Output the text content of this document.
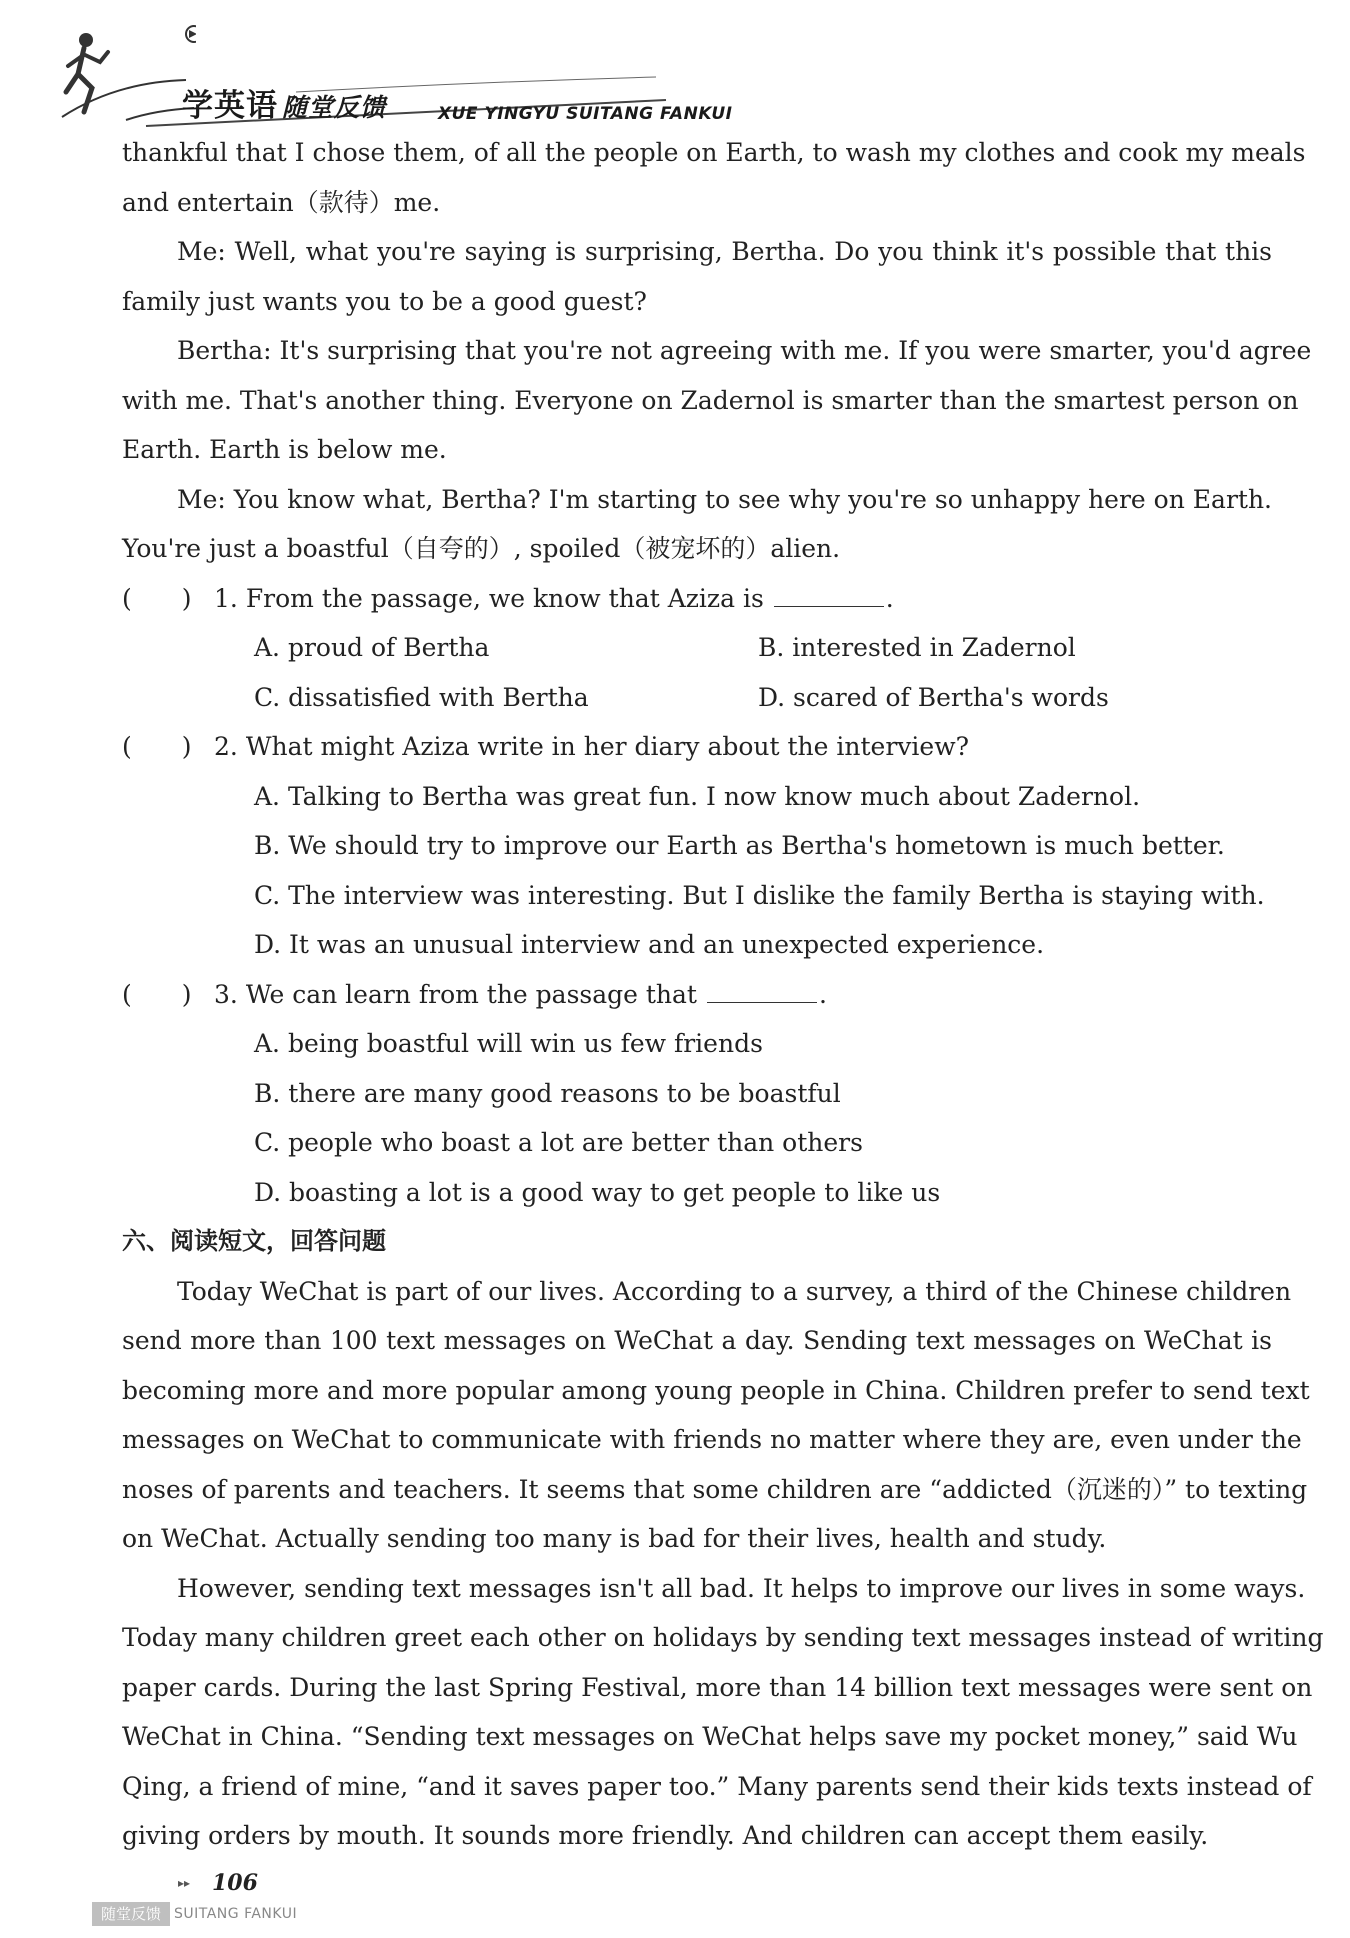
学英语 随堂反馈	XUE YINGYU SUITANG FANKUI
thankful that I chose them, of all the people on Earth, to wash my clothes and cook my meals
and entertain（款待）me.
Me: Well, what you're saying is surprising, Bertha. Do you think it's possible that this
family just wants you to be a good guest?
Bertha: It's surprising that you're not agreeing with me. If you were smarter, you'd agree
with me. That's another thing. Everyone on Zadernol is smarter than the smartest person on
Earth. Earth is below me.
Me: You know what, Bertha? I'm starting to see why you're so unhappy here on Earth.
You're just a boastful（自夸的）, spoiled（被宠坏的）alien.
(　　) 1. From the passage, we know that Aziza is	.
A. proud of Bertha	B. interested in Zadernol
C. dissatisfied with Bertha	D. scared of Bertha's words
(　　) 2. What might Aziza write in her diary about the interview?
A. Talking to Bertha was great fun. I now know much about Zadernol.
B. We should try to improve our Earth as Bertha's hometown is much better.
C. The interview was interesting. But I dislike the family Bertha is staying with.
D. It was an unusual interview and an unexpected experience.
(　　) 3. We can learn from the passage that	.
A. being boastful will win us few friends
B. there are many good reasons to be boastful
C. people who boast a lot are better than others
D. boasting a lot is a good way to get people to like us
六、阅读短文，回答问题
Today WeChat is part of our lives. According to a survey, a third of the Chinese children
send more than 100 text messages on WeChat a day. Sending text messages on WeChat is
becoming more and more popular among young people in China. Children prefer to send text
messages on WeChat to communicate with friends no matter where they are, even under the
noses of parents and teachers. It seems that some children are “addicted（沉迷的）” to texting
on WeChat. Actually sending too many is bad for their lives, health and study.
However, sending text messages isn't all bad. It helps to improve our lives in some ways.
Today many children greet each other on holidays by sending text messages instead of writing
paper cards. During the last Spring Festival, more than 14 billion text messages were sent on
WeChat in China. “Sending text messages on WeChat helps save my pocket money,” said Wu
Qing, a friend of mine, “and it saves paper too.” Many parents send their kids texts instead of
giving orders by mouth. It sounds more friendly. And children can accept them easily.
▸▸ 106
随堂反馈 SUITANG FANKUI
